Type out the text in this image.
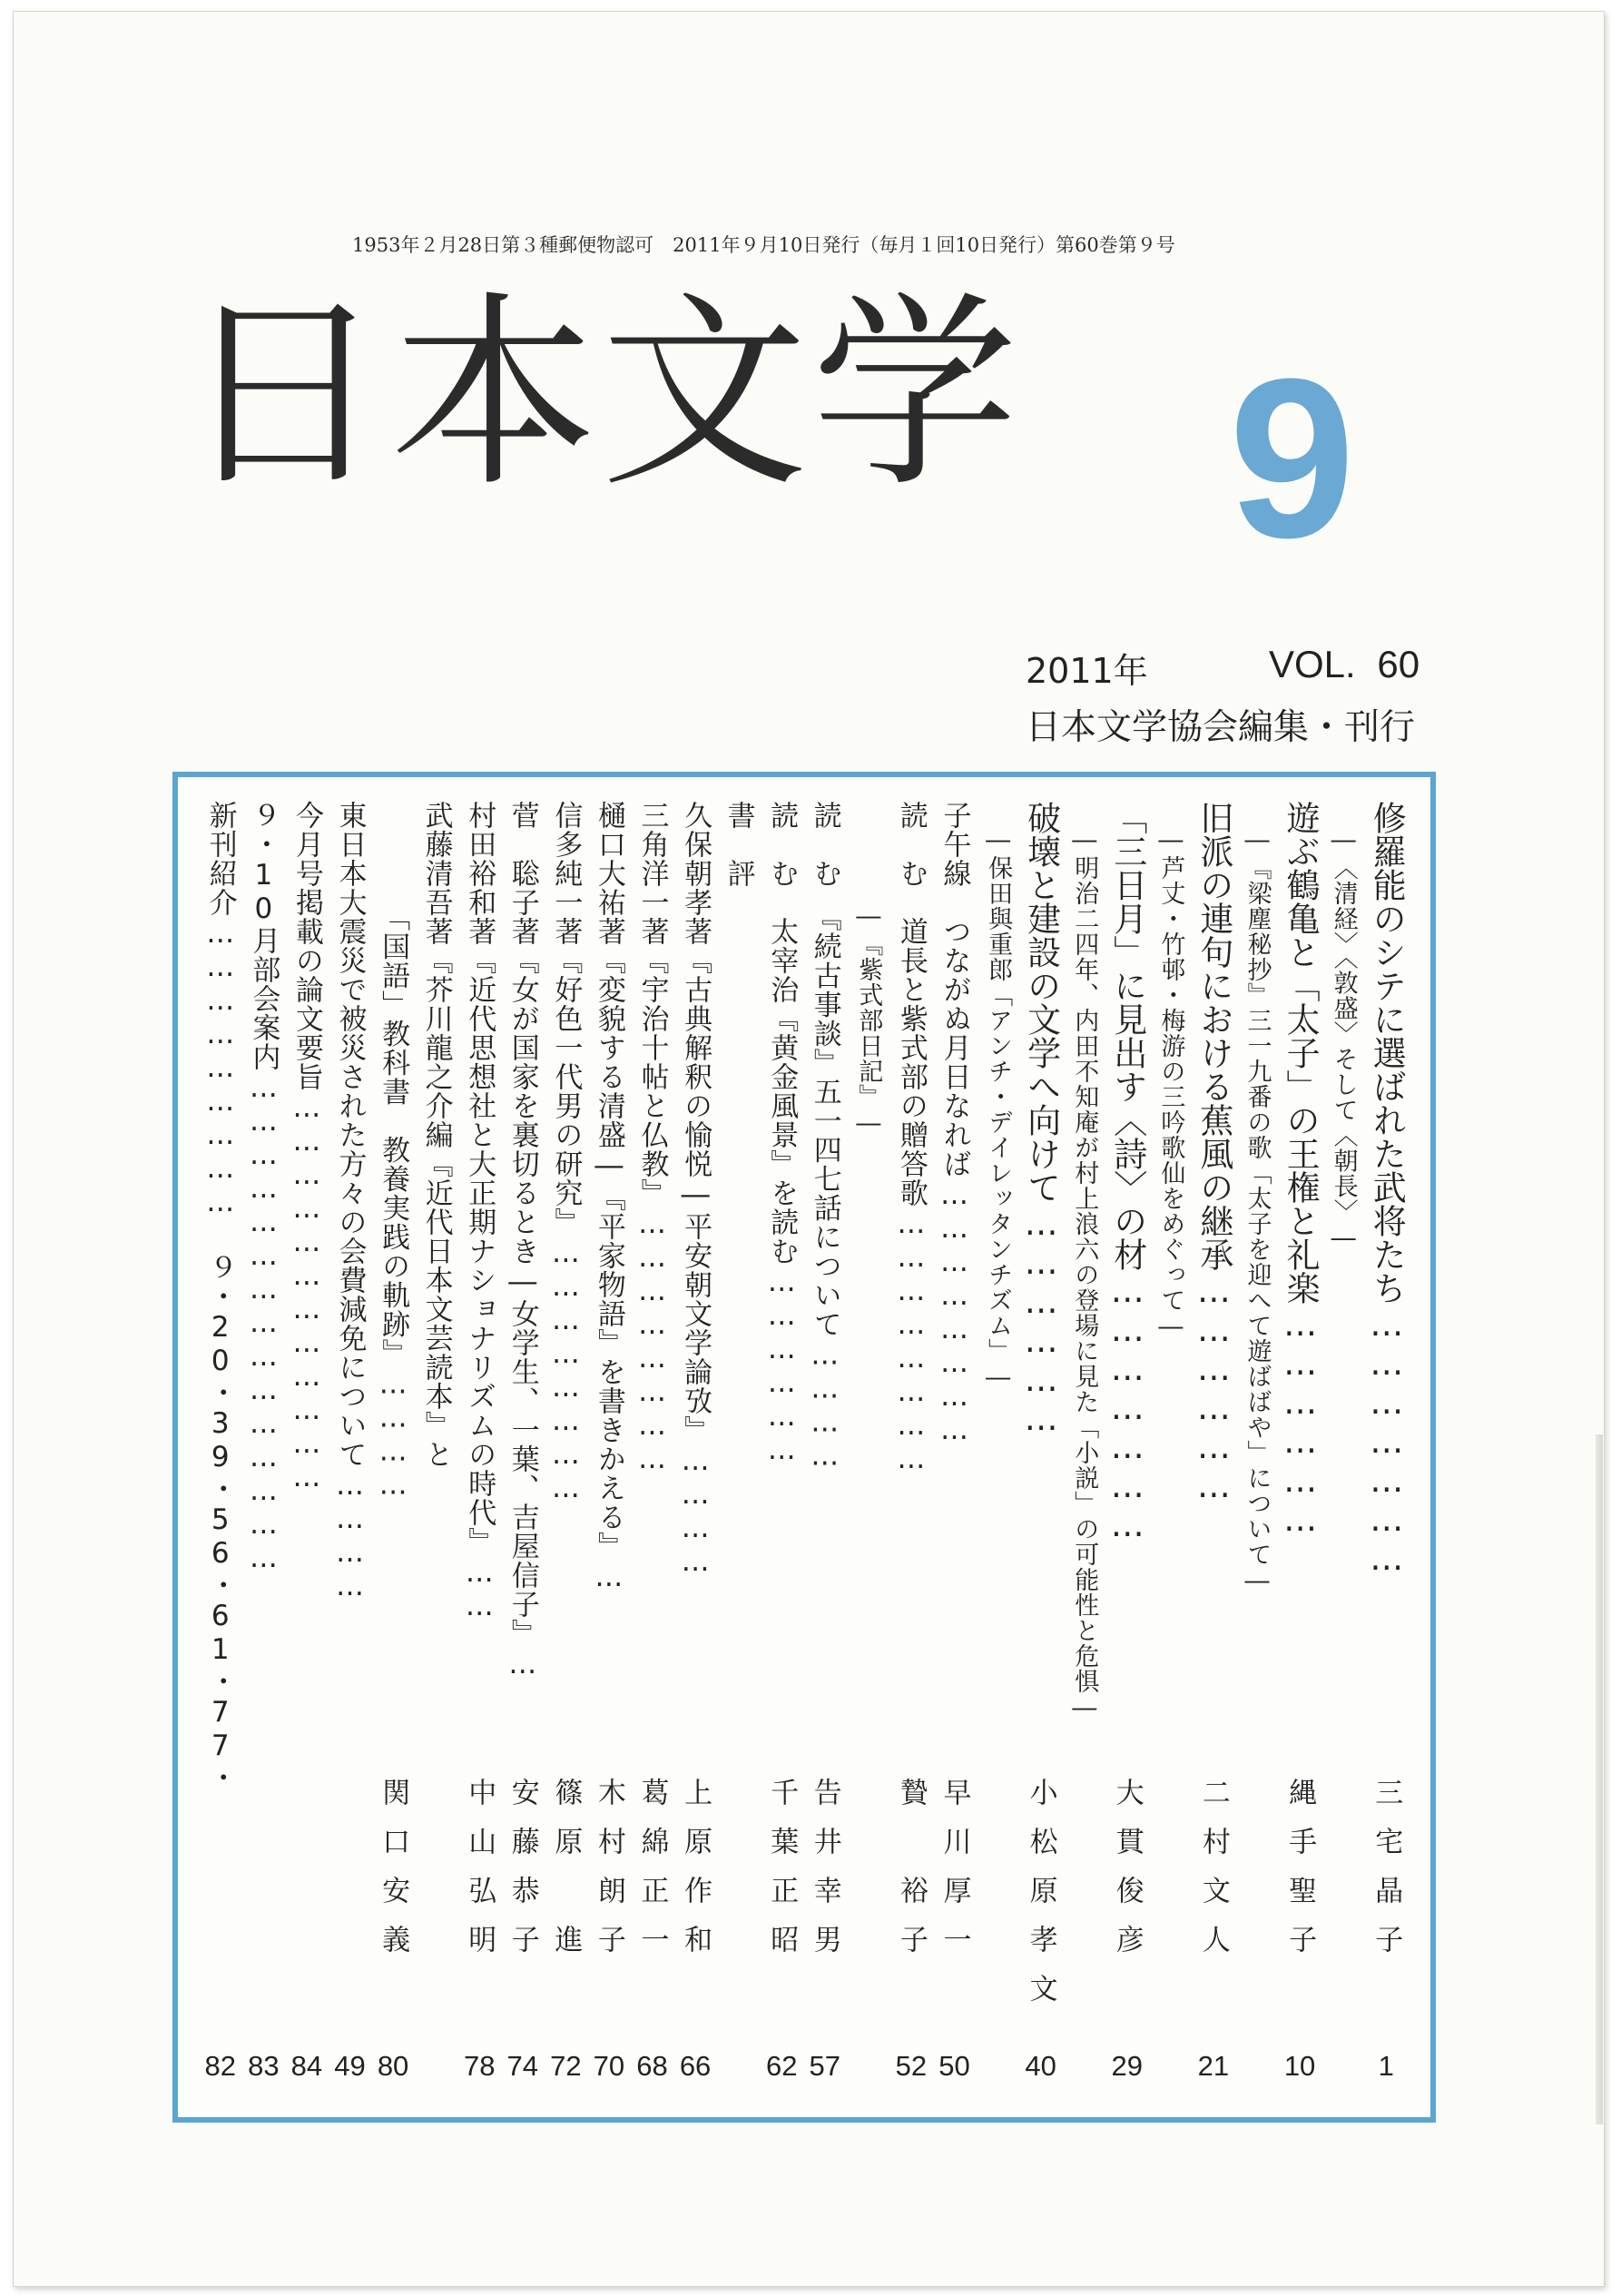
1953年２月28日第３種郵便物認可　2011年９月10日発行（毎月１回10日発行）第60巻第９号
日本文学 9
2011年	VOL. 60
日本文学協会編集・刊行
修羅能のシテに選ばれた武将たち…………………
三宅晶子
1
　―〈清経〉〈敦盛〉そして〈朝長〉―
遊ぶ鶴亀と「太子」の王権と礼楽………………
縄手聖子
10
　―『梁塵秘抄』三一九番の歌「太子を迎へて遊ばばや」について―
旧派の連句における蕉風の継承………………
二村文人
21
　―芦丈・竹邨・梅游の三吟歌仙をめぐって―
「三日月」に見出す〈詩〉の材…………………
大貫俊彦
29
　―明治二四年、内田不知庵が村上浪六の登場に見た「小説」の可能性と危惧―
破壊と建設の文学へ向けて………………
小松原孝文
40
　―保田與重郎「アンチ・デイレッタンチズム」―
子午線　つながぬ月日なれば……………………
早川厚一
50
読　む　道長と紫式部の贈答歌……………………
贄　裕子
52
　　　　―『紫式部日記』―
読　む　『続古事談』五一四七話について…………
告井幸男
57
読　む　太宰治『黄金風景』を読む………………
千葉正昭
62
書　評
久保朝孝著『古典解釈の愉悦―平安朝文学論攷』…………
上原作和
66
三角洋一著『宇治十帖と仏教』……………………
葛綿正一
68
樋口大祐著『変貌する清盛―『平家物語』を書きかえる』…
木村朗子
70
信多純一著『好色一代男の研究』……………………
篠原　進
72
菅　聡子著『女が国家を裏切るとき―女学生、一葉、吉屋信子』…
安藤恭子
74
村田裕和著『近代思想社と大正期ナショナリズムの時代』……
中山弘明
78
武藤清吾著『芥川龍之介編『近代日本文芸読本』と
　　　　「国語」教科書　教養実践の軌跡』…………
関口安義
80
東日本大震災で被災された方々の会費減免について…………
49
今月号掲載の論文要旨………………………………
84
９・10月部会案内………………………………………
83
新刊紹介……………………… ９・20・39・56・61・77・
82
